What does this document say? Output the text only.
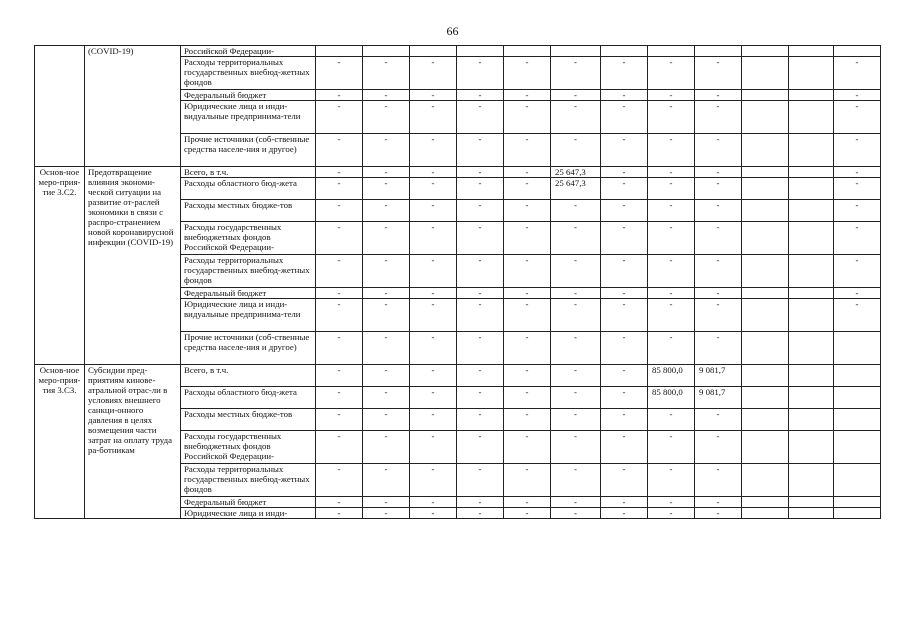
66
	(COVID-19)	Российской Федерации-												
		Расходы территориальных государственных внебюд-жетных фондов	-	-	-	-	-	-	-	-	-			-
		Федеральный бюджет	-	-	-	-	-	-	-	-	-			-
		Юридические лица и инди-видуальные предпринима-тели	-	-	-	-	-	-	-	-	-			-
		Прочие источники (соб-ственные средства населе-ния и другое)	-	-	-	-	-	-	-	-	-			-
Основ-ное меро-прия-тие 3.С2.	Предотвращение влияния экономи-ческой ситуации на развитие от-раслей экономики в связи с распро-странением новой коронавирусной инфекции (COVID-19)	Всего, в т.ч.	-	-	-	-	-	25 647,3	-	-	-			-
		Расходы областного бюд-жета	-	-	-	-	-	25 647,3	-	-	-			-
		Расходы местных бюдже-тов	-	-	-	-	-	-	-	-	-			-
		Расходы государственных внебюджетных фондов Российской Федерации-	-	-	-	-	-	-	-	-	-			-
		Расходы территориальных государственных внебюд-жетных фондов	-	-	-	-	-	-	-	-	-			-
		Федеральный бюджет	-	-	-	-	-	-	-	-	-			-
		Юридические лица и инди-видуальные предпринима-тели	-	-	-	-	-	-	-	-	-			-
		Прочие источники (соб-ственные средства населе-ния и другое)	-	-	-	-	-	-	-	-	-			
Основ-ное меро-прия-тия 3.С3.	Субсидии пред-приятиям кинове-атральной отрас-ли в условиях внешнего санкци-онного давления в целях возмещения части затрат на оплату труда ра-ботникам	Всего, в т.ч.	-	-	-	-	-	-	-	85 800,0	9 081,7			
		Расходы областного бюд-жета	-	-	-	-	-	-	-	85 800,0	9 081,7			
		Расходы местных бюдже-тов	-	-	-	-	-	-	-	-	-			
		Расходы государственных внебюджетных фондов Российской Федерации-	-	-	-	-	-	-	-	-	-			
		Расходы территориальных государственных внебюд-жетных фондов	-	-	-	-	-	-	-	-	-			
		Федеральный бюджет	-	-	-	-	-	-	-	-	-			
		Юридические лица и инди-	-	-	-	-	-	-	-	-	-			
